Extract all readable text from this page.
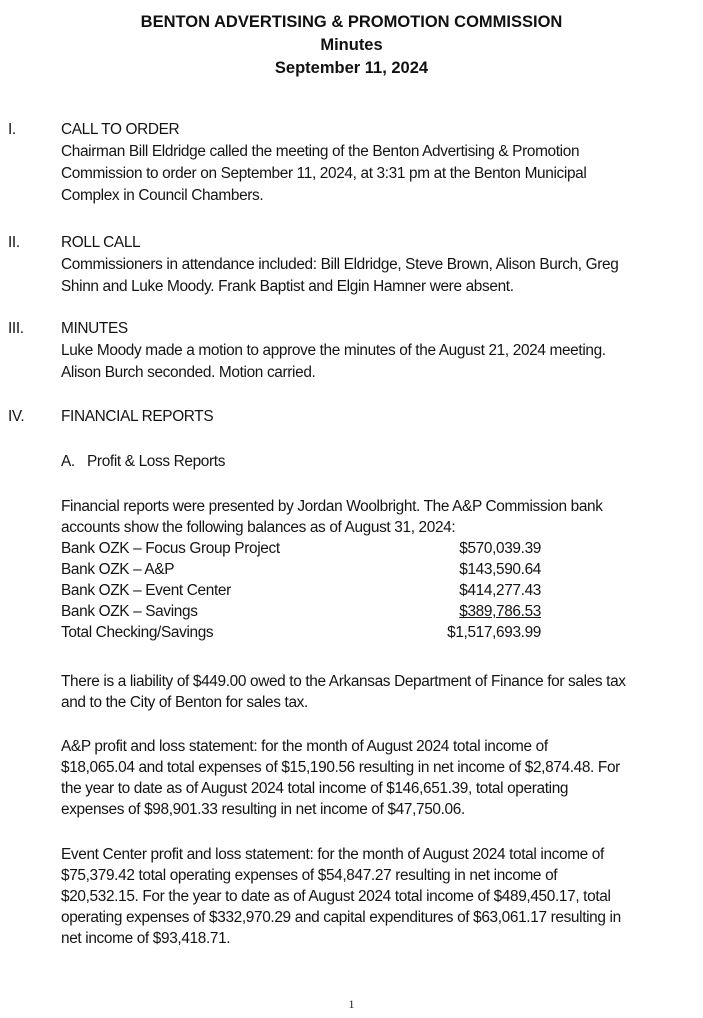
BENTON ADVERTISING & PROMOTION COMMISSION
Minutes
September 11, 2024
I.	CALL TO ORDER

Chairman Bill Eldridge called the meeting of the Benton Advertising & Promotion

Commission to order on September 11, 2024, at 3:31 pm at the Benton Municipal

Complex in Council Chambers.

II.	ROLL CALL

Commissioners in attendance included: Bill Eldridge, Steve Brown, Alison Burch, Greg

Shinn and Luke Moody. Frank Baptist and Elgin Hamner were absent.

III. MINUTES

Luke Moody made a motion to approve the minutes of the August 21, 2024 meeting.

Alison Burch seconded. Motion carried.

IV. FINANCIAL REPORTS
A. Profit & Loss Reports

Financial reports were presented by Jordan Woolbright. The A&P Commission bank

accounts show the following balances as of August 31, 2024:

Bank OZK – Focus Group Project	$570,039.39
Bank OZK – A&P	$143,590.64
Bank OZK – Event Center	$414,277.43
Bank OZK – Savings	$389,786.53
Total Checking/Savings	$1,517,693.99

There is a liability of $449.00 owed to the Arkansas Department of Finance for sales tax

and to the City of Benton for sales tax.

A&P profit and loss statement: for the month of August 2024 total income of

$18,065.04 and total expenses of $15,190.56 resulting in net income of $2,874.48. For

the year to date as of August 2024 total income of $146,651.39, total operating

expenses of $98,901.33 resulting in net income of $47,750.06.

Event Center profit and loss statement: for the month of August 2024 total income of

$75,379.42 total operating expenses of $54,847.27 resulting in net income of

$20,532.15. For the year to date as of August 2024 total income of $489,450.17, total

operating expenses of $332,970.29 and capital expenditures of $63,061.17 resulting in

net income of $93,418.71.

1
